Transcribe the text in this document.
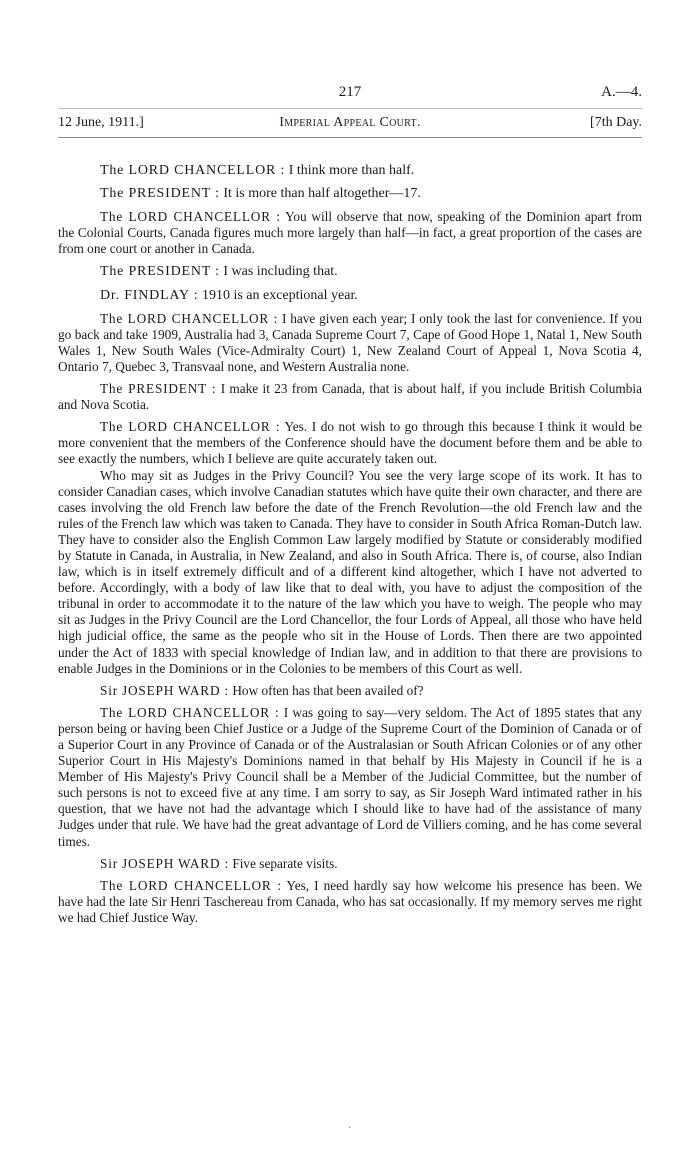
217	A.—4.
12 June, 1911.]	Imperial Appeal Court.	[7th Day.

The LORD CHANCELLOR : I think more than half.

The PRESIDENT : It is more than half altogether—17.

The LORD CHANCELLOR : You will observe that now, speaking of the Dominion apart from the Colonial Courts, Canada figures much more largely than half—in fact, a great proportion of the cases are from one court or another in Canada.

The PRESIDENT : I was including that.

Dr. FINDLAY : 1910 is an exceptional year.

The LORD CHANCELLOR : I have given each year; I only took the last for convenience. If you go back and take 1909, Australia had 3, Canada Supreme Court 7, Cape of Good Hope 1, Natal 1, New South Wales 1, New South Wales (Vice-Admiralty Court) 1, New Zealand Court of Appeal 1, Nova Scotia 4, Ontario 7, Quebec 3, Transvaal none, and Western Australia none.

The PRESIDENT : I make it 23 from Canada, that is about half, if you include British Columbia and Nova Scotia.

The LORD CHANCELLOR : Yes. I do not wish to go through this because I think it would be more convenient that the members of the Conference should have the document before them and be able to see exactly the numbers, which I believe are quite accurately taken out.

Who may sit as Judges in the Privy Council? You see the very large scope of its work. It has to consider Canadian cases, which involve Canadian statutes which have quite their own character, and there are cases involving the old French law before the date of the French Revolution—the old French law and the rules of the French law which was taken to Canada. They have to consider in South Africa Roman-Dutch law. They have to consider also the English Common Law largely modified by Statute or considerably modified by Statute in Canada, in Australia, in New Zealand, and also in South Africa. There is, of course, also Indian law, which is in itself extremely difficult and of a different kind altogether, which I have not adverted to before. Accordingly, with a body of law like that to deal with, you have to adjust the composition of the tribunal in order to accommodate it to the nature of the law which you have to weigh. The people who may sit as Judges in the Privy Council are the Lord Chancellor, the four Lords of Appeal, all those who have held high judicial office, the same as the people who sit in the House of Lords. Then there are two appointed under the Act of 1833 with special knowledge of Indian law, and in addition to that there are provisions to enable Judges in the Dominions or in the Colonies to be members of this Court as well.

Sir JOSEPH WARD : How often has that been availed of?

The LORD CHANCELLOR : I was going to say—very seldom. The Act of 1895 states that any person being or having been Chief Justice or a Judge of the Supreme Court of the Dominion of Canada or of a Superior Court in any Province of Canada or of the Australasian or South African Colonies or of any other Superior Court in His Majesty's Dominions named in that behalf by His Majesty in Council if he is a Member of His Majesty's Privy Council shall be a Member of the Judicial Committee, but the number of such persons is not to exceed five at any time. I am sorry to say, as Sir Joseph Ward intimated rather in his question, that we have not had the advantage which I should like to have had of the assistance of many Judges under that rule. We have had the great advantage of Lord de Villiers coming, and he has come several times.

Sir JOSEPH WARD : Five separate visits.

The LORD CHANCELLOR : Yes, I need hardly say how welcome his presence has been. We have had the late Sir Henri Taschereau from Canada, who has sat occasionally. If my memory serves me right we had Chief Justice Way.

·
